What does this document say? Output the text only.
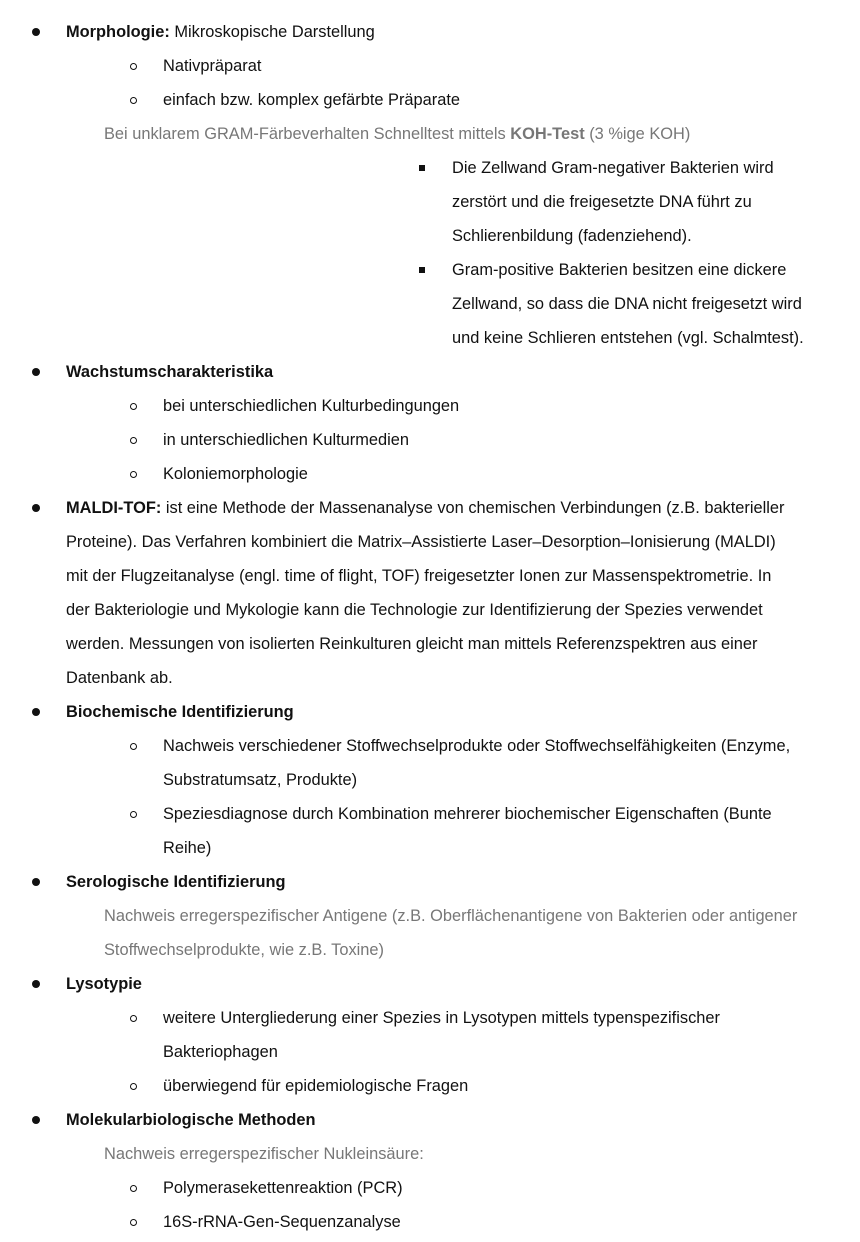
Morphologie: Mikroskopische Darstellung
Nativpräparat
einfach bzw. komplex gefärbte Präparate
Bei unklarem GRAM-Färbeverhalten Schnelltest mittels KOH-Test (3 %ige KOH)
Die Zellwand Gram-negativer Bakterien wird
zerstört und die freigesetzte DNA führt zu
Schlierenbildung (fadenziehend).
Gram-positive Bakterien besitzen eine dickere
Zellwand, so dass die DNA nicht freigesetzt wird
und keine Schlieren entstehen (vgl. Schalmtest).
Wachstumscharakteristika
bei unterschiedlichen Kulturbedingungen
in unterschiedlichen Kulturmedien
Koloniemorphologie
MALDI-TOF: ist eine Methode der Massenanalyse von chemischen Verbindungen (z.B. bakterieller
Proteine). Das Verfahren kombiniert die Matrix–Assistierte Laser–Desorption–Ionisierung (MALDI)
mit der Flugzeitanalyse (engl. time of flight, TOF) freigesetzter Ionen zur Massenspektrometrie. In
der Bakteriologie und Mykologie kann die Technologie zur Identifizierung der Spezies verwendet
werden. Messungen von isolierten Reinkulturen gleicht man mittels Referenzspektren aus einer
Datenbank ab.
Biochemische Identifizierung
Nachweis verschiedener Stoffwechselprodukte oder Stoffwechselfähigkeiten (Enzyme,
Substratumsatz, Produkte)
Speziesdiagnose durch Kombination mehrerer biochemischer Eigenschaften (Bunte
Reihe)
Serologische Identifizierung
Nachweis erregerspezifischer Antigene (z.B. Oberflächenantigene von Bakterien oder antigener
Stoffwechselprodukte, wie z.B. Toxine)
Lysotypie
weitere Untergliederung einer Spezies in Lysotypen mittels typenspezifischer
Bakteriophagen
überwiegend für epidemiologische Fragen
Molekularbiologische Methoden
Nachweis erregerspezifischer Nukleinsäure:
Polymerasekettenreaktion (PCR)
16S-rRNA-Gen-Sequenzanalyse
